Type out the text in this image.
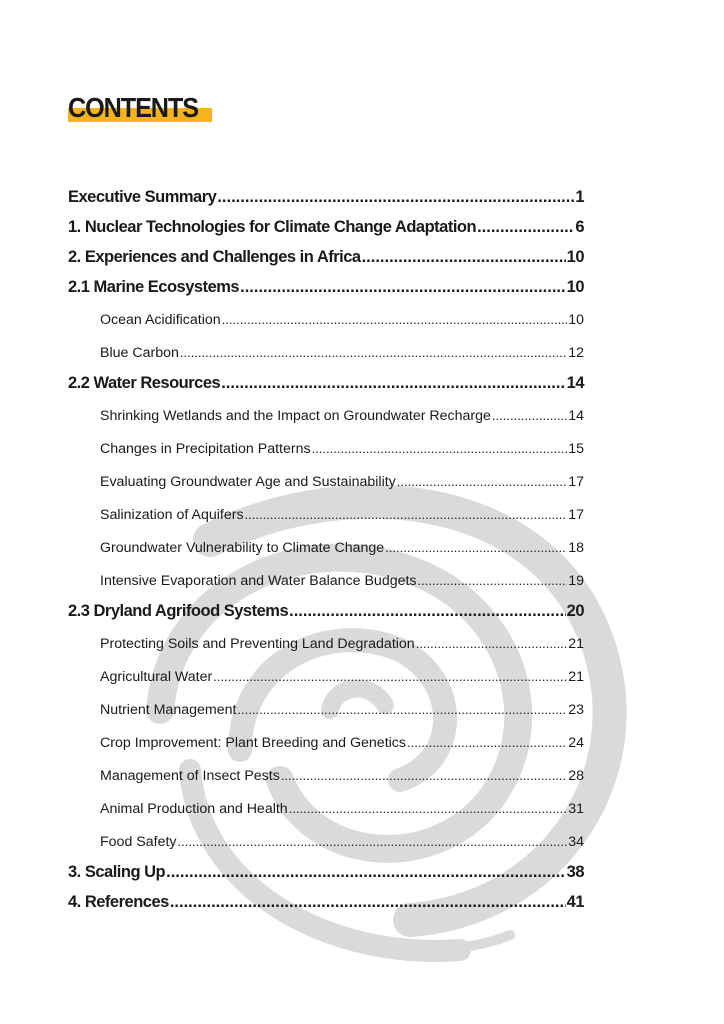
CONTENTS
Executive Summary .....	1
1. Nuclear Technologies for Climate Change Adaptation .....	6
2. Experiences and Challenges in Africa .....	10
2.1 Marine Ecosystems .....	10
Ocean Acidification .....	10
Blue Carbon .....	12
2.2 Water Resources .....	14
Shrinking Wetlands and the Impact on Groundwater Recharge .....	14
Changes in Precipitation Patterns .....	15
Evaluating Groundwater Age and Sustainability .....	17
Salinization of Aquifers .....	17
Groundwater Vulnerability to Climate Change .....	18
Intensive Evaporation and Water Balance Budgets .....	19
2.3 Dryland Agrifood Systems .....	20
Protecting Soils and Preventing Land Degradation .....	21
Agricultural Water .....	21
Nutrient Management .....	23
Crop Improvement: Plant Breeding and Genetics .....	24
Management of Insect Pests .....	28
Animal Production and Health .....	31
Food Safety .....	34
3. Scaling Up .....	38
4. References .....	41
